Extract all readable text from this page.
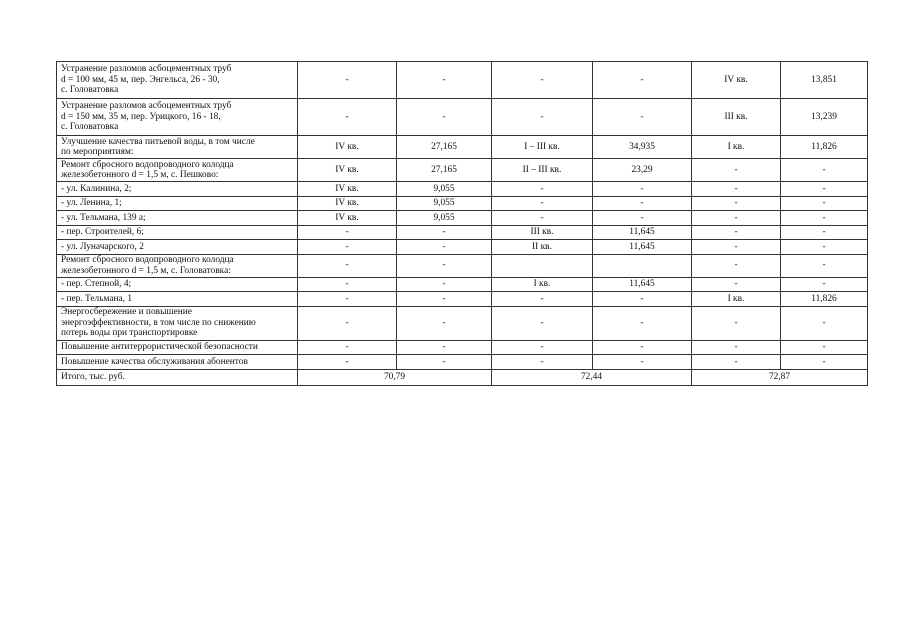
Устранение разломов асбоцементных труб
d = 100 мм, 45 м, пер. Энгельса, 26 - 30,
с. Головатовка	-	-	-	-	IV кв.	13,851
Устранение разломов асбоцементных труб
d = 150 мм, 35 м, пер. Урицкого, 16 - 18,
с. Головатовка	-	-	-	-	III кв.	13,239
Улучшение качества питьевой воды, в том числе
по мероприятиям:	IV кв.	27,165	I – III кв.	34,935	I кв.	11,826
Ремонт сбросного водопроводного колодца
железобетонного d = 1,5 м, с. Пешково:	IV кв.	27,165	II – III кв.	23,29	-	-
- ул. Калинина, 2;	IV кв.	9,055	-	-	-	-
- ул. Ленина, 1;	IV кв.	9,055	-	-	-	-
- ул. Тельмана, 139 а;	IV кв.	9,055	-	-	-	-
- пер. Строителей, 6;	-	-	III кв.	11,645	-	-
- ул. Луначарского, 2	-	-	II кв.	11,645	-	-
Ремонт сбросного водопроводного колодца
железобетонного d = 1,5 м, с. Головатовка:	-	-			-	-
- пер. Степной, 4;	-	-	I кв.	11,645	-	-
- пер. Тельмана, 1	-	-	-	-	I кв.	11,826
Энергосбережение и повышение
энергоэффективности, в том числе по снижению
потерь воды при транспортировке	-	-	-	-	-	-
Повышение антитеррористической безопасности	-	-	-	-	-	-
Повышение качества обслуживания абонентов	-	-	-	-	-	-
Итого, тыс. руб.	70,79		72,44		72,87	
